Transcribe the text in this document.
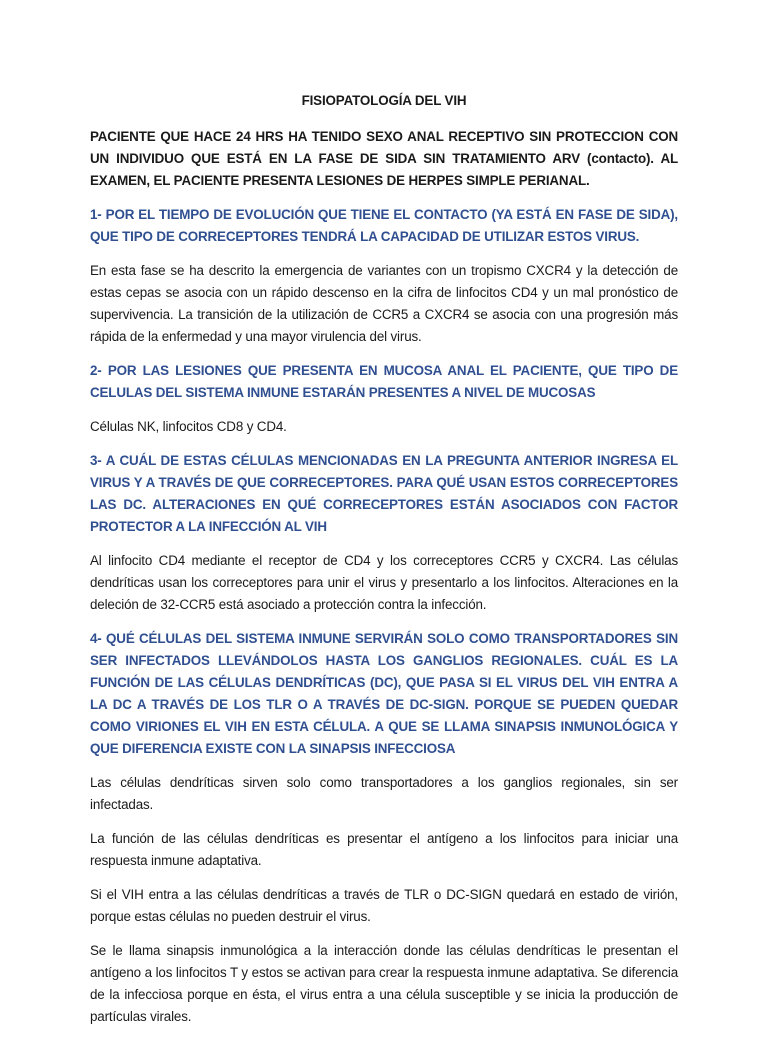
FISIOPATOLOGÍA DEL VIH

PACIENTE QUE HACE 24 HRS HA TENIDO SEXO ANAL RECEPTIVO SIN PROTECCION CON UN INDIVIDUO QUE ESTÁ EN LA FASE DE SIDA SIN TRATAMIENTO ARV (contacto). AL EXAMEN, EL PACIENTE PRESENTA LESIONES DE HERPES SIMPLE PERIANAL.

1- POR EL TIEMPO DE EVOLUCIÓN QUE TIENE EL CONTACTO (YA ESTÁ EN FASE DE SIDA), QUE TIPO DE CORRECEPTORES TENDRÁ LA CAPACIDAD DE UTILIZAR ESTOS VIRUS.

En esta fase se ha descrito la emergencia de variantes con un tropismo CXCR4 y la detección de estas cepas se asocia con un rápido descenso en la cifra de linfocitos CD4 y un mal pronóstico de supervivencia. La transición de la utilización de CCR5 a CXCR4 se asocia con una progresión más rápida de la enfermedad y una mayor virulencia del virus.

2- POR LAS LESIONES QUE PRESENTA EN MUCOSA ANAL EL PACIENTE, QUE TIPO DE CELULAS DEL SISTEMA INMUNE ESTARÁN PRESENTES A NIVEL DE MUCOSAS

Células NK, linfocitos CD8 y CD4.

3- A CUÁL DE ESTAS CÉLULAS MENCIONADAS EN LA PREGUNTA ANTERIOR INGRESA EL VIRUS Y A TRAVÉS DE QUE CORRECEPTORES. PARA QUÉ USAN ESTOS CORRECEPTORES LAS DC. ALTERACIONES EN QUÉ CORRECEPTORES ESTÁN ASOCIADOS CON FACTOR PROTECTOR A LA INFECCIÓN AL VIH

Al linfocito CD4 mediante el receptor de CD4 y los correceptores CCR5 y CXCR4. Las células dendríticas usan los correceptores para unir el virus y presentarlo a los linfocitos. Alteraciones en la deleción de 32-CCR5 está asociado a protección contra la infección.

4- QUÉ CÉLULAS DEL SISTEMA INMUNE SERVIRÁN SOLO COMO TRANSPORTADORES SIN SER INFECTADOS LLEVÁNDOLOS HASTA LOS GANGLIOS REGIONALES. CUÁL ES LA FUNCIÓN DE LAS CÉLULAS DENDRÍTICAS (DC), QUE PASA SI EL VIRUS DEL VIH ENTRA A LA DC A TRAVÉS DE LOS TLR O A TRAVÉS DE DC-SIGN. PORQUE SE PUEDEN QUEDAR COMO VIRIONES EL VIH EN ESTA CÉLULA. A QUE SE LLAMA SINAPSIS INMUNOLÓGICA Y QUE DIFERENCIA EXISTE CON LA SINAPSIS INFECCIOSA

Las células dendríticas sirven solo como transportadores a los ganglios regionales, sin ser infectadas.

La función de las células dendríticas es presentar el antígeno a los linfocitos para iniciar una respuesta inmune adaptativa.

Si el VIH entra a las células dendríticas a través de TLR o DC-SIGN quedará en estado de virión, porque estas células no pueden destruir el virus.

Se le llama sinapsis inmunológica a la interacción donde las células dendríticas le presentan el antígeno a los linfocitos T y estos se activan para crear la respuesta inmune adaptativa. Se diferencia de la infecciosa porque en ésta, el virus entra a una célula susceptible y se inicia la producción de partículas virales.
